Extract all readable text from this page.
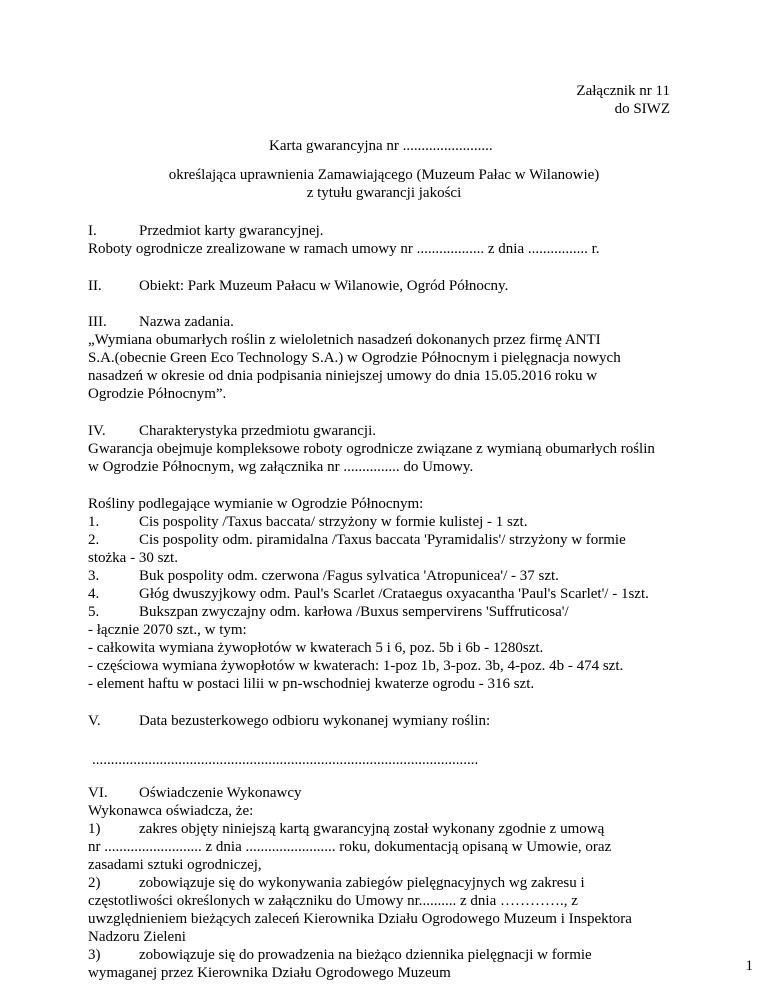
Załącznik nr 11
do SIWZ
Karta gwarancyjna nr ........................
określająca uprawnienia Zamawiającego (Muzeum Pałac w Wilanowie)
z tytułu gwarancji jakości
I.	Przedmiot karty gwarancyjnej.
Roboty ogrodnicze zrealizowane w ramach umowy nr .................. z dnia ................ r.
II. Obiekt: Park Muzeum Pałacu w Wilanowie, Ogród Północny.
III. Nazwa zadania.
„Wymiana obumarłych roślin z wieloletnich nasadzeń dokonanych przez firmę ANTI
S.A.(obecnie Green Eco Technology S.A.) w Ogrodzie Północnym i pielęgnacja nowych
nasadzeń w okresie od dnia podpisania niniejszej umowy do dnia 15.05.2016 roku w
Ogrodzie Północnym”.
IV. Charakterystyka przedmiotu gwarancji.
Gwarancja obejmuje kompleksowe roboty ogrodnicze związane z wymianą obumarłych roślin
w Ogrodzie Północnym, wg załącznika nr ............... do Umowy.
Rośliny podlegające wymianie w Ogrodzie Północnym:
1.	Cis pospolity /Taxus baccata/ strzyżony w formie kulistej - 1 szt.
2.	Cis pospolity odm. piramidalna /Taxus baccata 'Pyramidalis'/ strzyżony w formie
stożka - 30 szt.
3.	Buk pospolity odm. czerwona /Fagus sylvatica 'Atropunicea'/ - 37 szt.
4.	Głóg dwuszyjkowy odm. Paul's Scarlet /Crataegus oxyacantha 'Paul's Scarlet'/ - 1szt.
5.	Bukszpan zwyczajny odm. karłowa /Buxus sempervirens 'Suffruticosa'/
- łącznie 2070 szt., w tym:
- całkowita wymiana żywopłotów w kwaterach 5 i 6, poz. 5b i 6b - 1280szt.
- częściowa wymiana żywopłotów w kwaterach: 1-poz 1b, 3-poz. 3b, 4-poz. 4b - 474 szt.
- element haftu w postaci lilii w pn-wschodniej kwaterze ogrodu - 316 szt.
V.	Data bezusterkowego odbioru wykonanej wymiany roślin:
.......................................................................................................
VI. Oświadczenie Wykonawcy
Wykonawca oświadcza, że:
1)	zakres objęty niniejszą kartą gwarancyjną został wykonany zgodnie z umową
nr .......................... z dnia ........................ roku, dokumentacją opisaną w Umowie, oraz
zasadami sztuki ogrodniczej,
2)	zobowiązuje się do wykonywania zabiegów pielęgnacyjnych wg zakresu i
częstotliwości określonych w załączniku do Umowy nr.......... z dnia …………., z
uwzględnieniem bieżących zaleceń Kierownika Działu Ogrodowego Muzeum i Inspektora
Nadzoru Zieleni
3)	zobowiązuje się do prowadzenia na bieżąco dziennika pielęgnacji w formie
wymaganej przez Kierownika Działu Ogrodowego Muzeum	1
